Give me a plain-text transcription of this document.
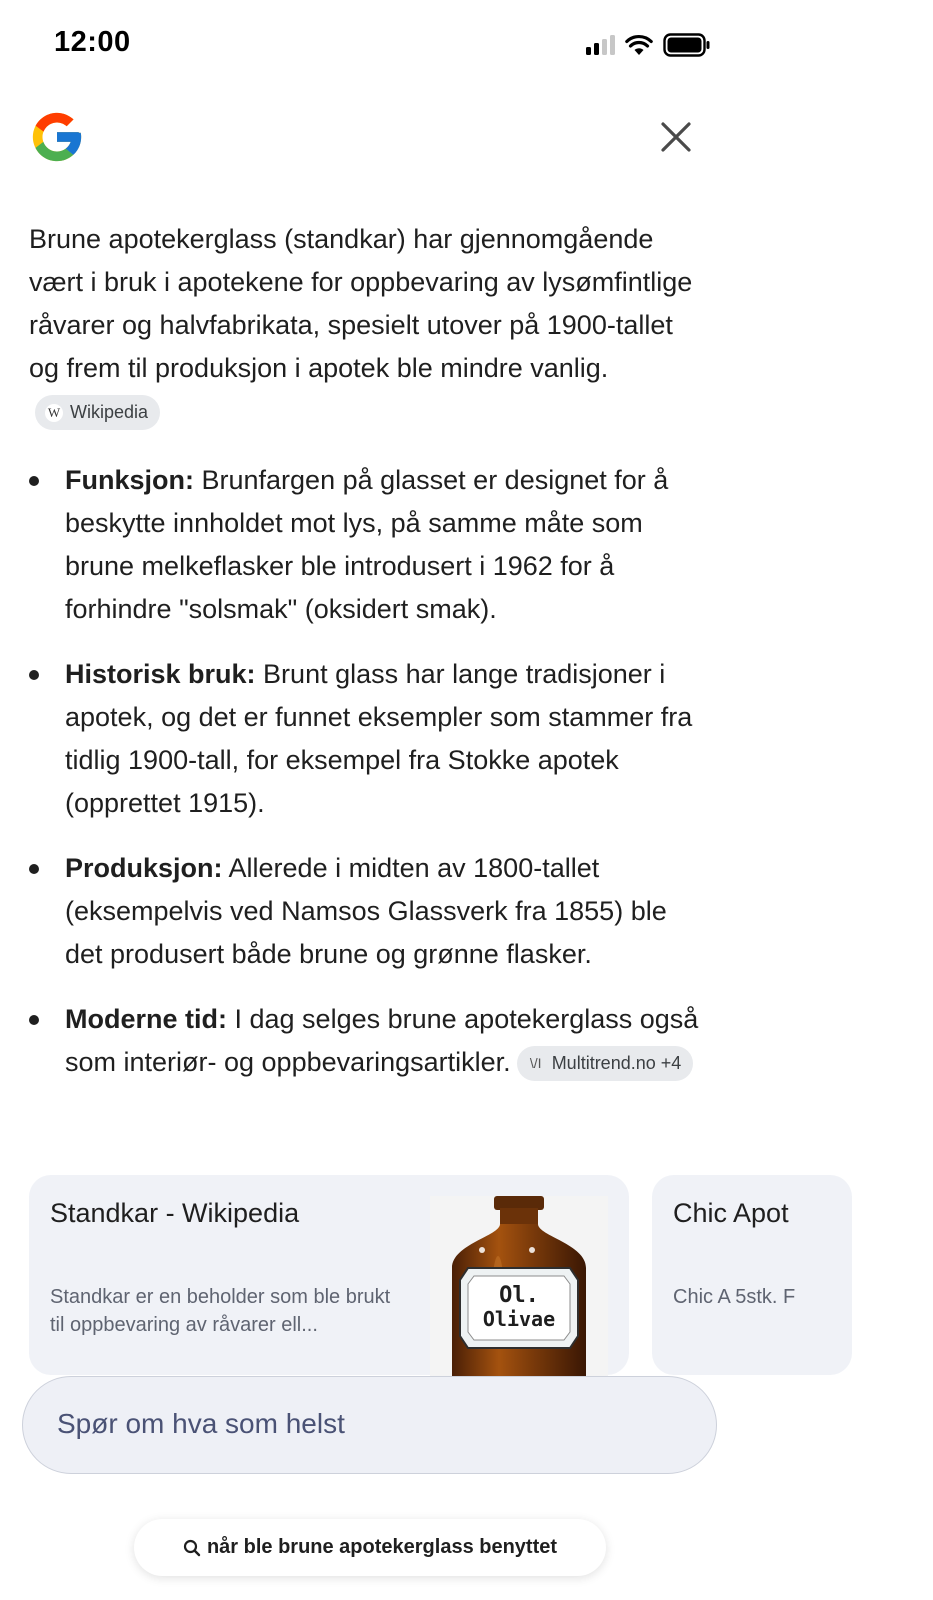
12:00

Brune apotekerglass (standkar) har gjennomgående vært i bruk i apotekene for oppbevaring av lysømfintlige råvarer og halvfabrikata, spesielt utover på 1900-tallet og frem til produksjon i apotek ble mindre vanlig.
W Wikipedia

Funksjon: Brunfargen på glasset er designet for å beskytte innholdet mot lys, på samme måte som brune melkeflasker ble introdusert i 1962 for å forhindre "solsmak" (oksidert smak).
Historisk bruk: Brunt glass har lange tradisjoner i apotek, og det er funnet eksempler som stammer fra tidlig 1900-tall, for eksempel fra Stokke apotek (opprettet 1915).
Produksjon: Allerede i midten av 1800-tallet (eksempelvis ved Namsos Glassverk fra 1855) ble det produsert både brune og grønne flasker.
Moderne tid: I dag selges brune apotekerglass også som interiør- og oppbevaringsartikler. \/I Multitrend.no +4
Standkar - Wikipedia
Standkar er en beholder som ble brukt til oppbevaring av råvarer ell...
Ol.
Olivae
Chic Apot
Chic A 5stk. F
Spør om hva som helst
når ble brune apotekerglass benyttet
